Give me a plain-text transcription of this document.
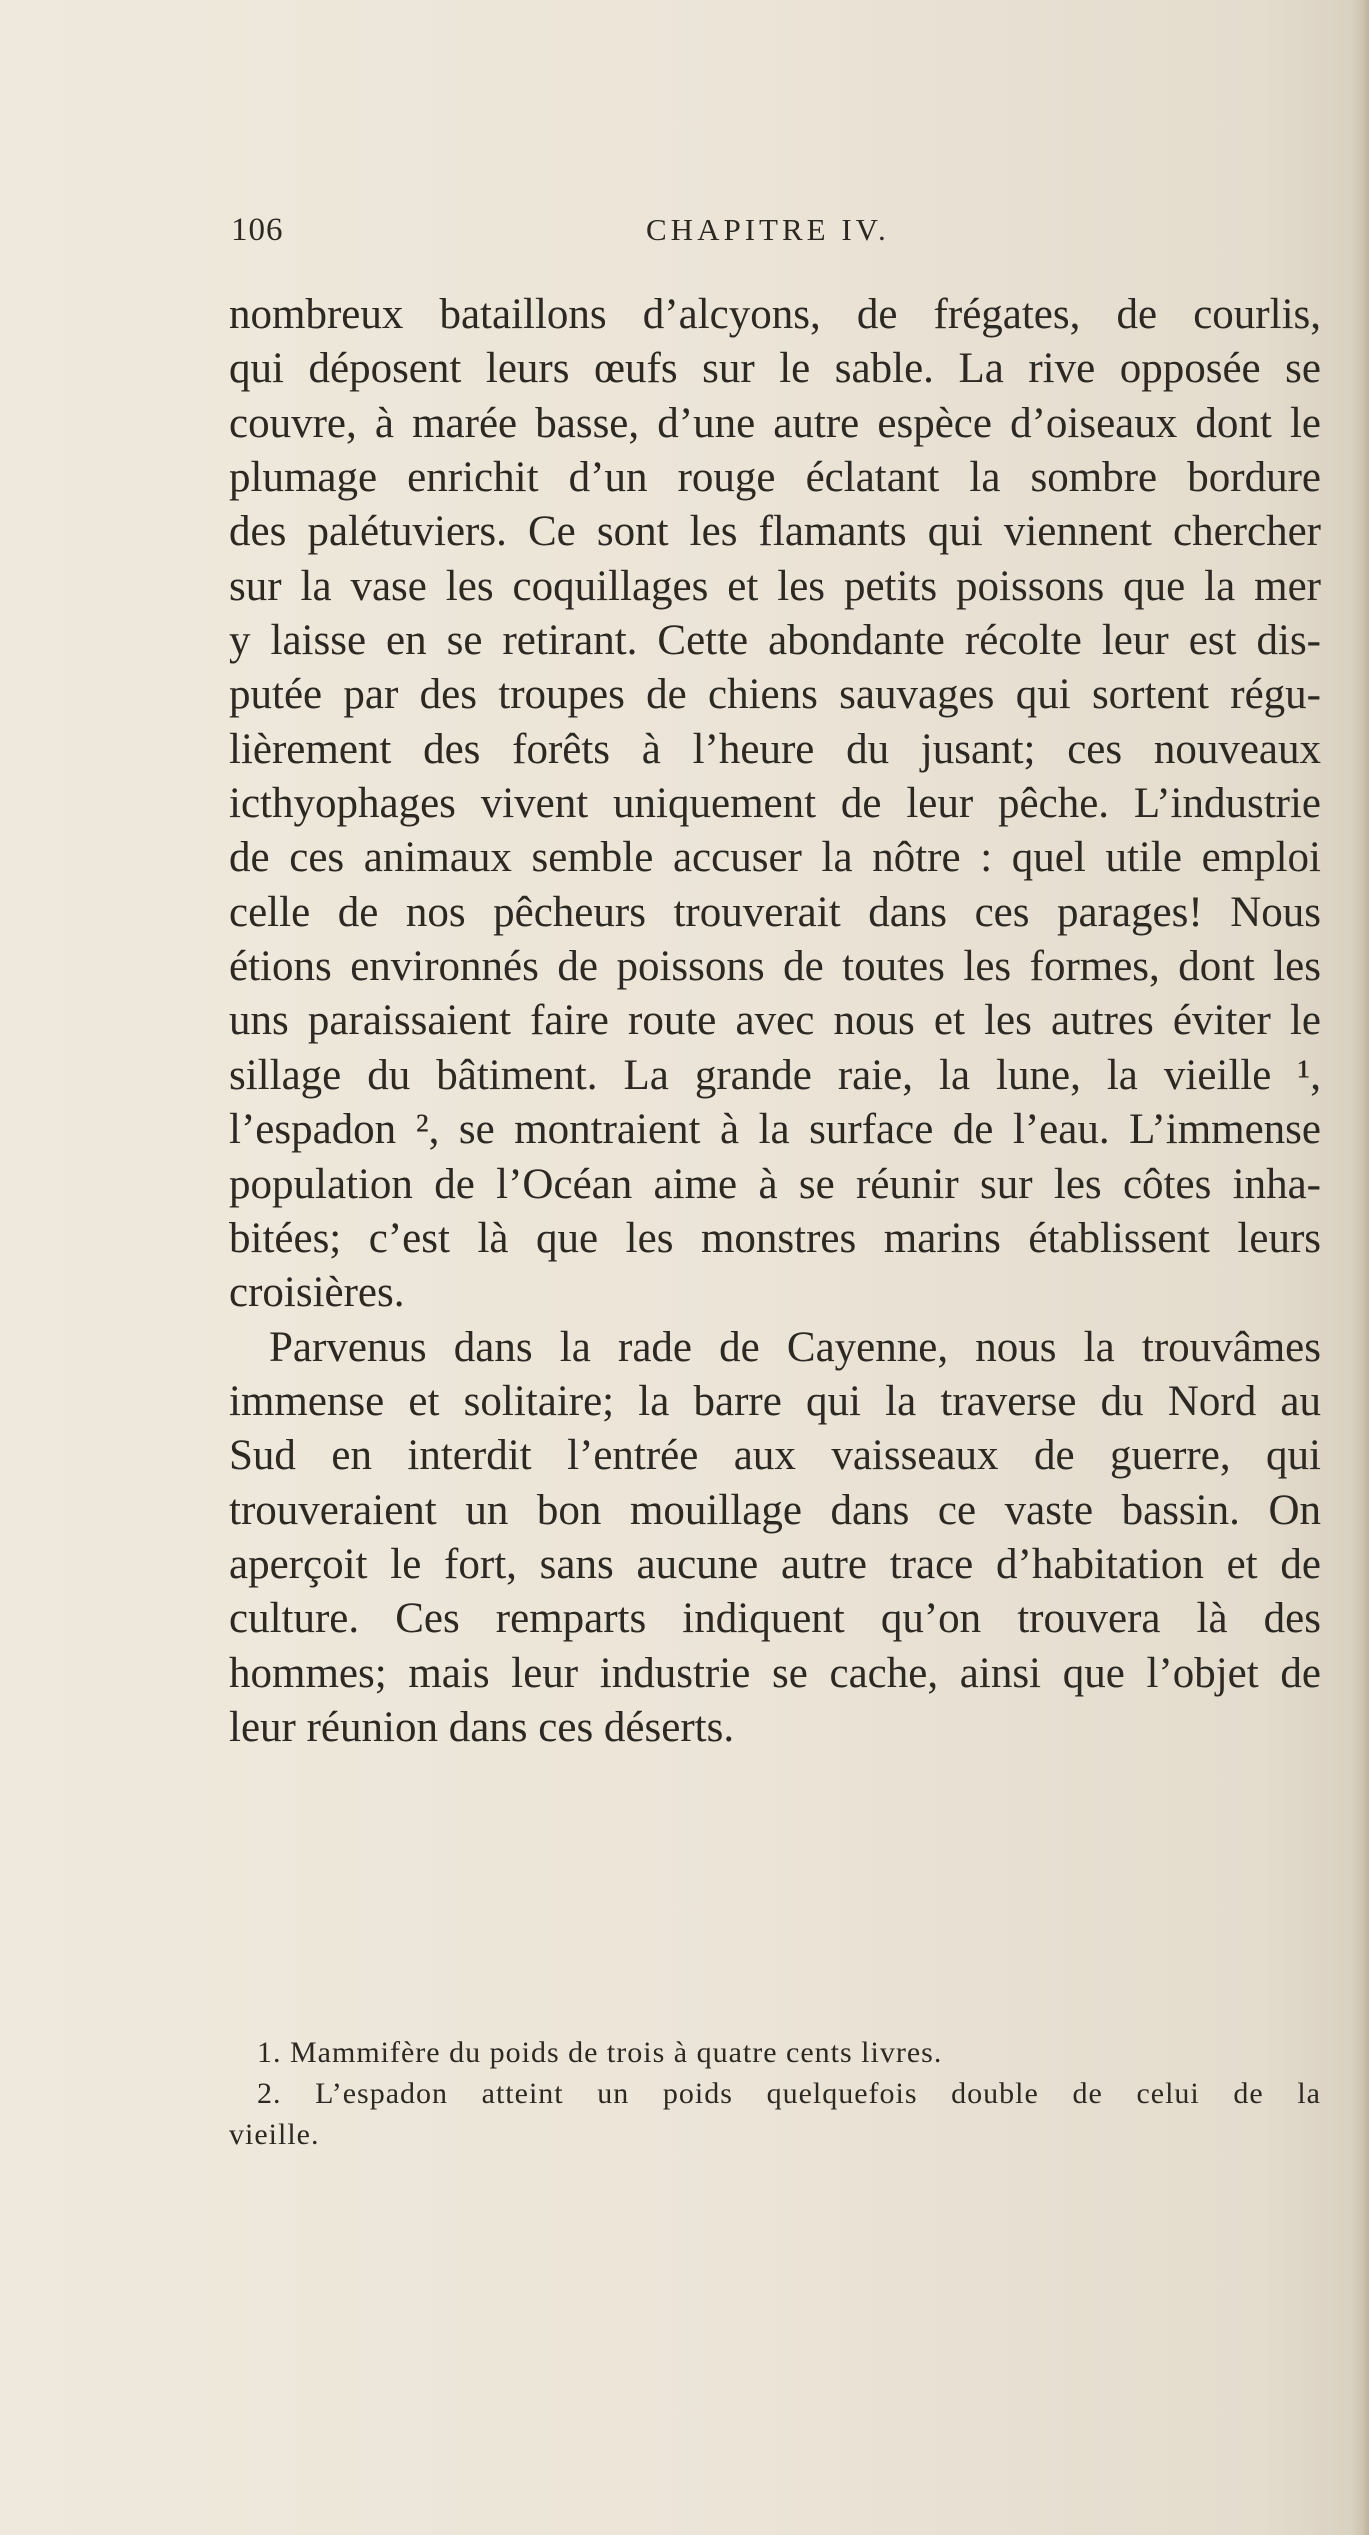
106	CHAPITRE IV.
nombreux bataillons d’alcyons, de frégates, de courlis,
qui déposent leurs œufs sur le sable. La rive opposée se
couvre, à marée basse, d’une autre espèce d’oiseaux dont le
plumage enrichit d’un rouge éclatant la sombre bordure
des palétuviers. Ce sont les flamants qui viennent chercher
sur la vase les coquillages et les petits poissons que la mer
y laisse en se retirant. Cette abondante récolte leur est dis-
putée par des troupes de chiens sauvages qui sortent régu-
lièrement des forêts à l’heure du jusant; ces nouveaux
icthyophages vivent uniquement de leur pêche. L’industrie
de ces animaux semble accuser la nôtre : quel utile emploi
celle de nos pêcheurs trouverait dans ces parages! Nous
étions environnés de poissons de toutes les formes, dont les
uns paraissaient faire route avec nous et les autres éviter le
sillage du bâtiment. La grande raie, la lune, la vieille ¹,
l’espadon ², se montraient à la surface de l’eau. L’immense
population de l’Océan aime à se réunir sur les côtes inha-
bitées; c’est là que les monstres marins établissent leurs
croisières.
Parvenus dans la rade de Cayenne, nous la trouvâmes
immense et solitaire; la barre qui la traverse du Nord au
Sud en interdit l’entrée aux vaisseaux de guerre, qui
trouveraient un bon mouillage dans ce vaste bassin. On
aperçoit le fort, sans aucune autre trace d’habitation et de
culture. Ces remparts indiquent qu’on trouvera là des
hommes; mais leur industrie se cache, ainsi que l’objet de
leur réunion dans ces déserts.
1. Mammifère du poids de trois à quatre cents livres.
2. L’espadon atteint un poids quelquefois double de celui de la
vieille.
